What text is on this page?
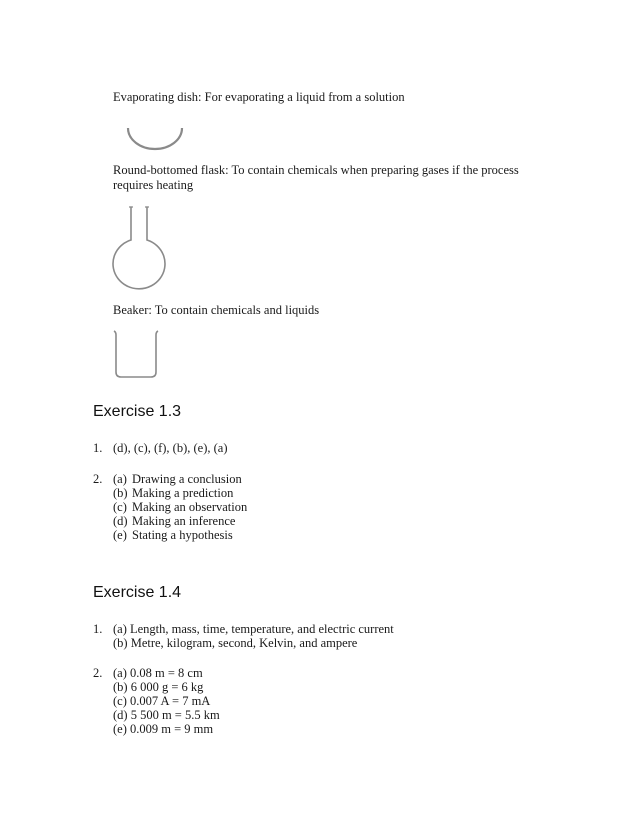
Evaporating dish: For evaporating a liquid from a solution
Round-bottomed flask: To contain chemicals when preparing gases if the process
requires heating
Beaker: To contain chemicals and liquids
Exercise 1.3
1. (d), (c), (f), (b), (e), (a)
2. (a) Drawing a conclusion
(b) Making a prediction
(c) Making an observation
(d) Making an inference
(e) Stating a hypothesis
Exercise 1.4
1. (a) Length, mass, time, temperature, and electric current
(b) Metre, kilogram, second, Kelvin, and ampere
2. (a) 0.08 m = 8 cm
(b) 6 000 g = 6 kg
(c) 0.007 A = 7 mA
(d) 5 500 m = 5.5 km
(e) 0.009 m = 9 mm
